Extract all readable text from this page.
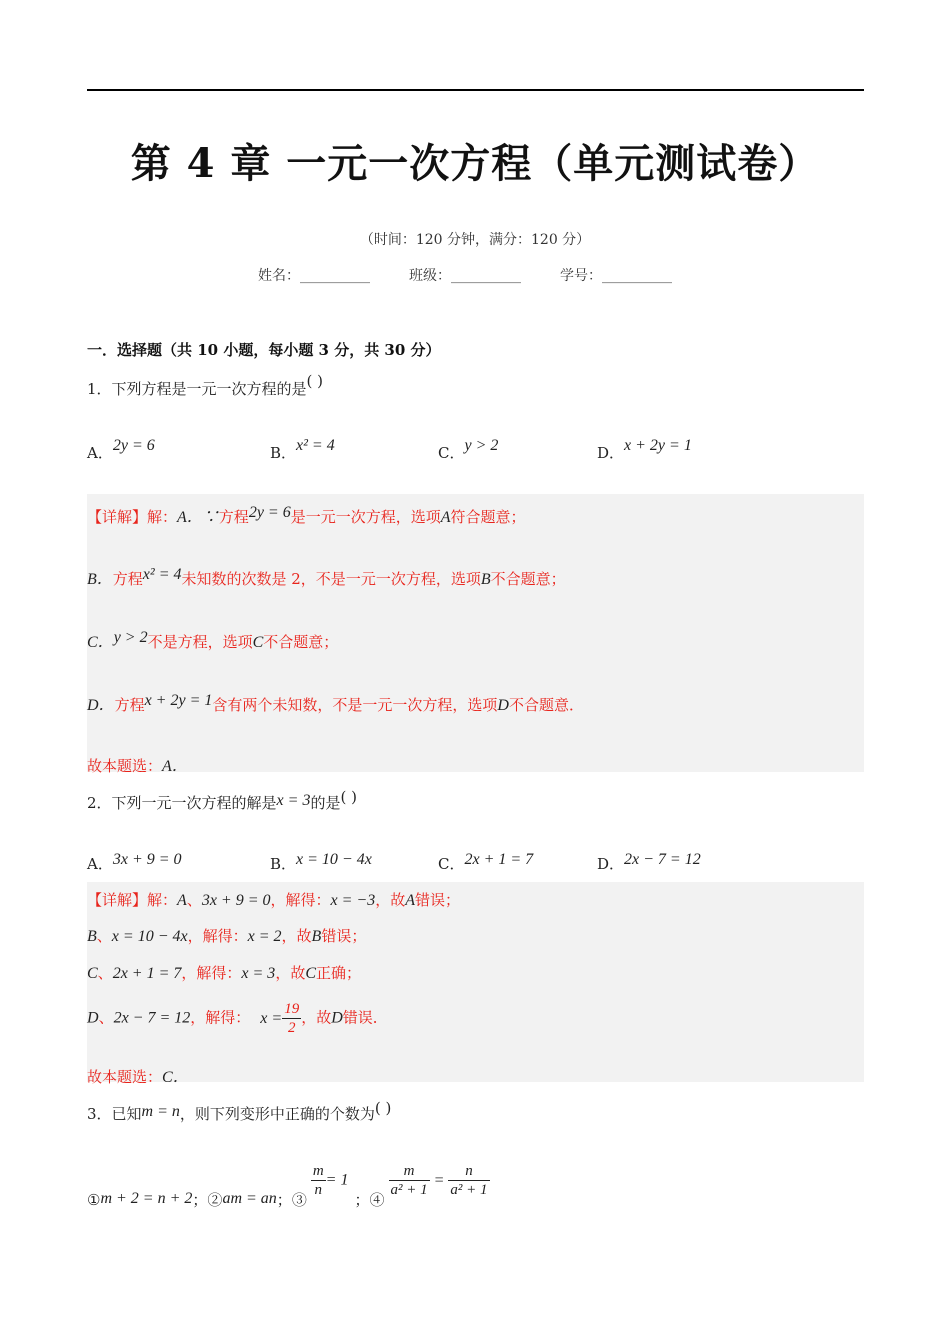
第 4 章 一元一次方程（单元测试卷）
（时间：120 分钟，满分：120 分）
姓名：__________	班级：__________	学号：__________
一．选择题（共 10 小题，每小题 3 分，共 30 分）
1．下列方程是一元一次方程的是( )
A．2y = 6	B．x² = 4	C．y > 2	D．x + 2y = 1
【详解】解：A．∵方程2y = 6是一元一次方程，选项A符合题意；
B．方程x² = 4未知数的次数是 2，不是一元一次方程，选项B不合题意；
C．y > 2不是方程，选项C不合题意；
D．方程x + 2y = 1含有两个未知数，不是一元一次方程，选项D不合题意．
故本题选：A．
2．下列一元一次方程的解是x = 3的是( )
A．3x + 9 = 0	B．x = 10 − 4x	C．2x + 1 = 7	D．2x − 7 = 12
【详解】解：A、3x + 9 = 0，解得：x = −3，故A错误；
B、x = 10 − 4x，解得：x = 2，故B错误；
C、2x + 1 = 7，解得：x = 3，故C正确；
D、2x − 7 = 12，解得： $x = \frac{19}{2}$ ，故D错误．
故本题选：C．
3．已知m = n，则下列变形中正确的个数为( )
①m + 2 = n + 2；②am = an；③
$\frac{m}{n} = 1$；④
$\frac{m}{\text{a² + 1}} = \frac{n}{\text{a² + 1}}$
